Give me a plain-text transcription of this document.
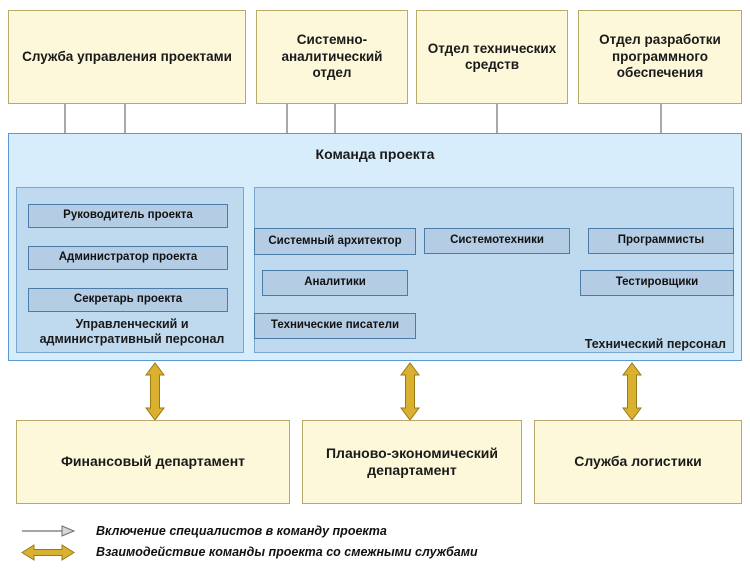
Служба управления проектами
Системно-аналитический отдел
Отдел технических средств
Отдел разработки программного обеспечения
Команда проекта
Управленческий и административный персонал
Руководитель проекта
Администратор проекта
Секретарь проекта
Технический персонал
Системный архитектор
Аналитики
Технические писатели
Системотехники	Программисты
Тестировщики
Финансовый департамент
Планово-экономический департамент
Служба логистики
Включение специалистов в команду проекта
Взаимодействие команды проекта со смежными службами
